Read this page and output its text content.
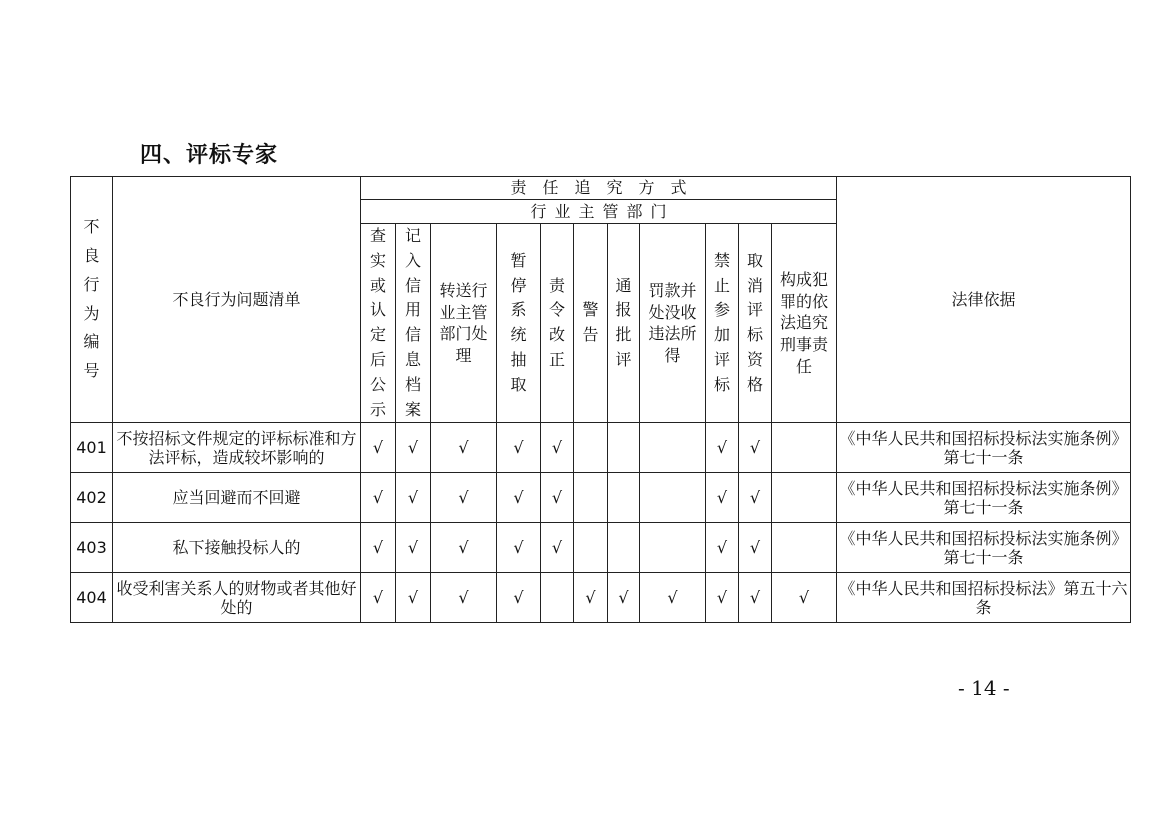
四、评标专家
不良行为编号	不良行为问题清单	责任追究方式											法律依据
		行业主管部门											
		查实或认定后公示	记入信用信息档案	转送行业主管部门处理	暂停系统抽取	责令改正	警告	通报批评	罚款并处没收违法所得	禁止参加评标	取消评标资格	构成犯罪的依法追究刑事责任	
401	不按招标文件规定的评标标准和方法评标，造成较坏影响的	√	√	√	√	√				√	√		《中华人民共和国招标投标法实施条例》第七十一条
402	应当回避而不回避	√	√	√	√	√				√	√		《中华人民共和国招标投标法实施条例》第七十一条
403	私下接触投标人的	√	√	√	√	√				√	√		《中华人民共和国招标投标法实施条例》第七十一条
404	收受利害关系人的财物或者其他好处的	√	√	√	√		√	√	√	√	√	√	《中华人民共和国招标投标法》第五十六条
- 14 -
